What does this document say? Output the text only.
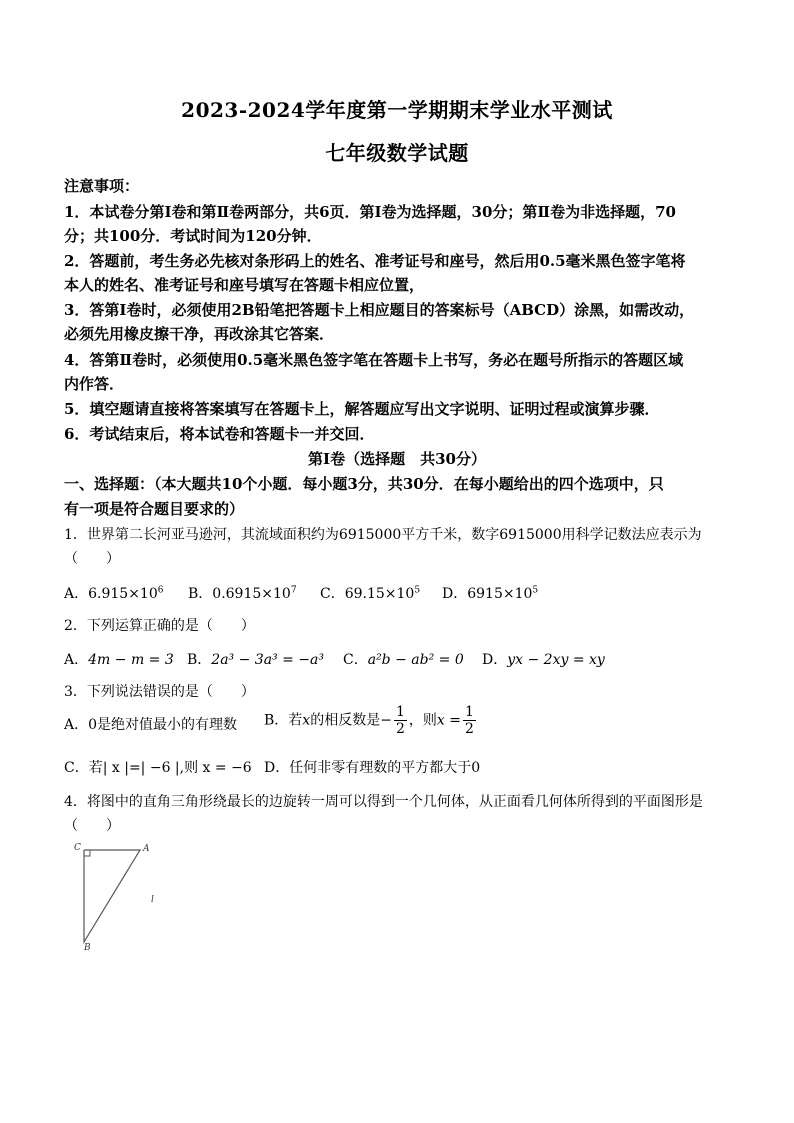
2023-2024学年度第一学期期末学业水平测试
七年级数学试题
注意事项：
1．本试卷分第Ⅰ卷和第Ⅱ卷两部分，共6页．第Ⅰ卷为选择题，30分；第Ⅱ卷为非选择题，70
分；共100分．考试时间为120分钟．
2．答题前，考生务必先核对条形码上的姓名、准考证号和座号，然后用0.5毫米黑色签字笔将
本人的姓名、准考证号和座号填写在答题卡相应位置，
3．答第Ⅰ卷时，必须使用2B铅笔把答题卡上相应题目的答案标号（ABCD）涂黑，如需改动，
必须先用橡皮擦干净，再改涂其它答案．
4．答第Ⅱ卷时，必须使用0.5毫米黑色签字笔在答题卡上书写，务必在题号所指示的答题区域
内作答．
5．填空题请直接将答案填写在答题卡上，解答题应写出文字说明、证明过程或演算步骤．
6．考试结束后，将本试卷和答题卡一并交回．
第Ⅰ卷（选择题　共30分）
一、选择题：（本大题共10个小题．每小题3分，共30分．在每小题给出的四个选项中，只
有一项是符合题目要求的）
1．世界第二长河亚马逊河，其流域面积约为6915000平方千米，数字6915000用科学记数法应表示为
（　　）
A．$6.915\times 10^6$ B．$0.6915\times 10^7$ C．$69.15\times 10^5$ D．$6915\times 10^5$
2．下列运算正确的是（　　）
A．4m − m = 3 B．2a³ − 3a³ = −a³ C．a²b − ab² = 0 D．yx − 2xy = xy
3．下列说法错误的是（　　）
A．0是绝对值最小的有理数 B．若x的相反数是− $\frac{1}{2}$ ，则$x = \frac{1}{2}$
C．若| x |=| −6 |,则 x = −6 D．任何非零有理数的平方都大于0
4．将图中的直角三角形绕最长的边旋转一周可以得到一个几何体，从正面看几何体所得到的平面图形是
（　　）
C	A
B
l
